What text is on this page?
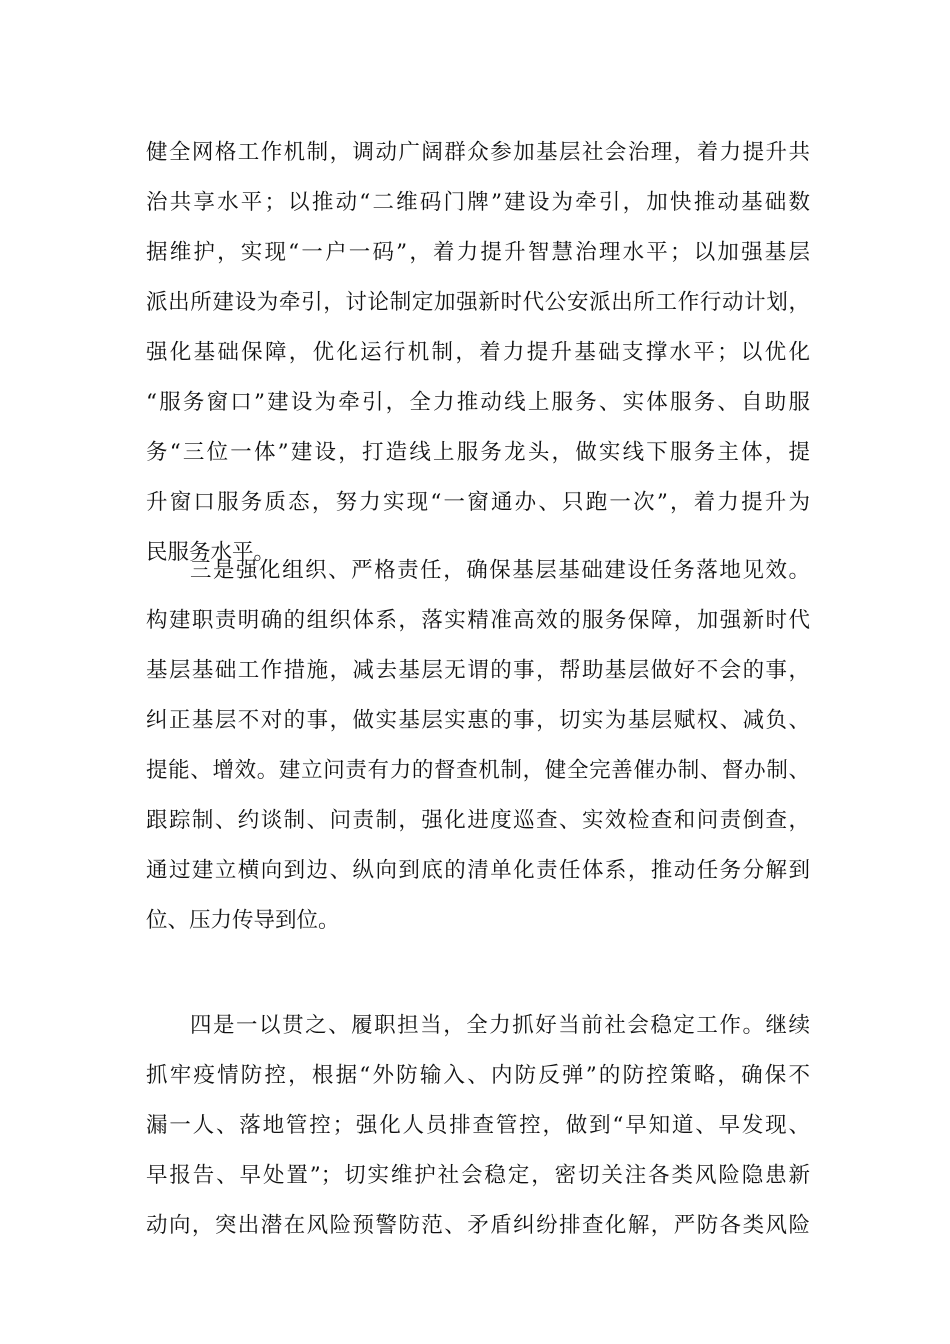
健全网格工作机制，调动广阔群众参加基层社会治理，着力提升共
治共享水平；以推动“二维码门牌”建设为牵引，加快推动基础数
据维护，实现“一户一码”，着力提升智慧治理水平；以加强基层
派出所建设为牵引，讨论制定加强新时代公安派出所工作行动计划，
强化基础保障，优化运行机制，着力提升基础支撑水平；以优化
“服务窗口”建设为牵引，全力推动线上服务、实体服务、自助服
务“三位一体”建设，打造线上服务龙头，做实线下服务主体，提
升窗口服务质态，努力实现“一窗通办、只跑一次”，着力提升为
民服务水平。
三是强化组织、严格责任，确保基层基础建设任务落地见效。
构建职责明确的组织体系，落实精准高效的服务保障，加强新时代
基层基础工作措施，减去基层无谓的事，帮助基层做好不会的事，
纠正基层不对的事，做实基层实惠的事，切实为基层赋权、减负、
提能、增效。建立问责有力的督查机制，健全完善催办制、督办制、
跟踪制、约谈制、问责制，强化进度巡查、实效检查和问责倒查，
通过建立横向到边、纵向到底的清单化责任体系，推动任务分解到
位、压力传导到位。
四是一以贯之、履职担当，全力抓好当前社会稳定工作。继续
抓牢疫情防控，根据“外防输入、内防反弹”的防控策略，确保不
漏一人、落地管控；强化人员排查管控，做到“早知道、早发现、
早报告、早处置”；切实维护社会稳定，密切关注各类风险隐患新
动向，突出潜在风险预警防范、矛盾纠纷排查化解，严防各类风险
